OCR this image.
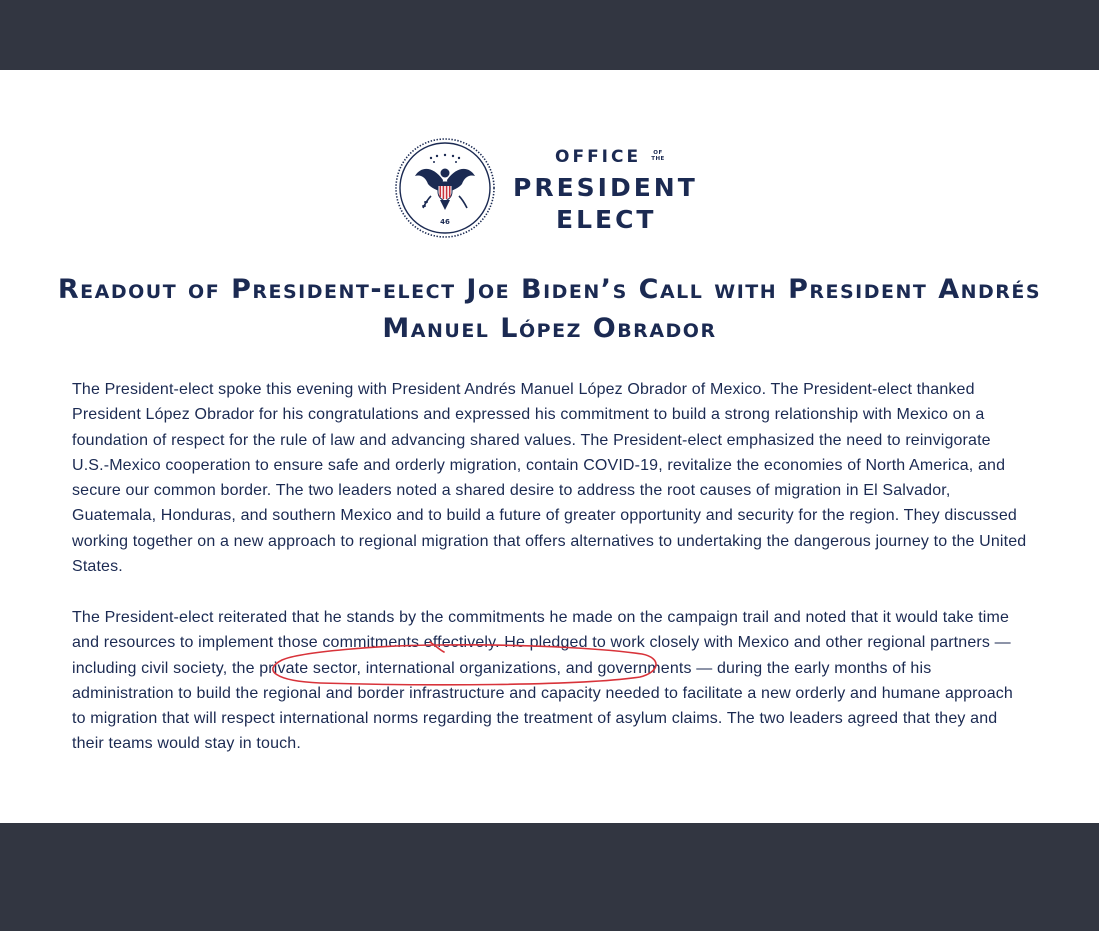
46
OFFICE	OF THE
PRESIDENT
ELECT
Readout of President-elect Joe Biden’s Call with President Andrés Manuel López Obrador

The President-elect spoke this evening with President Andrés Manuel López Obrador of Mexico. The President-elect thanked President López Obrador for his congratulations and expressed his commitment to build a strong relationship with Mexico on a foundation of respect for the rule of law and advancing shared values. The President-elect emphasized the need to reinvigorate U.S.-Mexico cooperation to ensure safe and orderly migration, contain COVID-19, revitalize the economies of North America, and secure our common border. The two leaders noted a shared desire to address the root causes of migration in El Salvador, Guatemala, Honduras, and southern Mexico and to build a future of greater opportunity and security for the region. They discussed working together on a new approach to regional migration that offers alternatives to undertaking the dangerous journey to the United States.

The President-elect reiterated that he stands by the commitments he made on the campaign trail and noted that it would take time and resources to implement those commitments effectively. He pledged to work closely with Mexico and other regional partners — including civil society, the private sector, international organizations, and governments — during the early months of his administration to build the regional and border infrastructure and capacity needed to facilitate a new orderly and humane approach to migration that will respect international norms regarding the treatment of asylum claims. The two leaders agreed that they and their teams would stay in touch.
